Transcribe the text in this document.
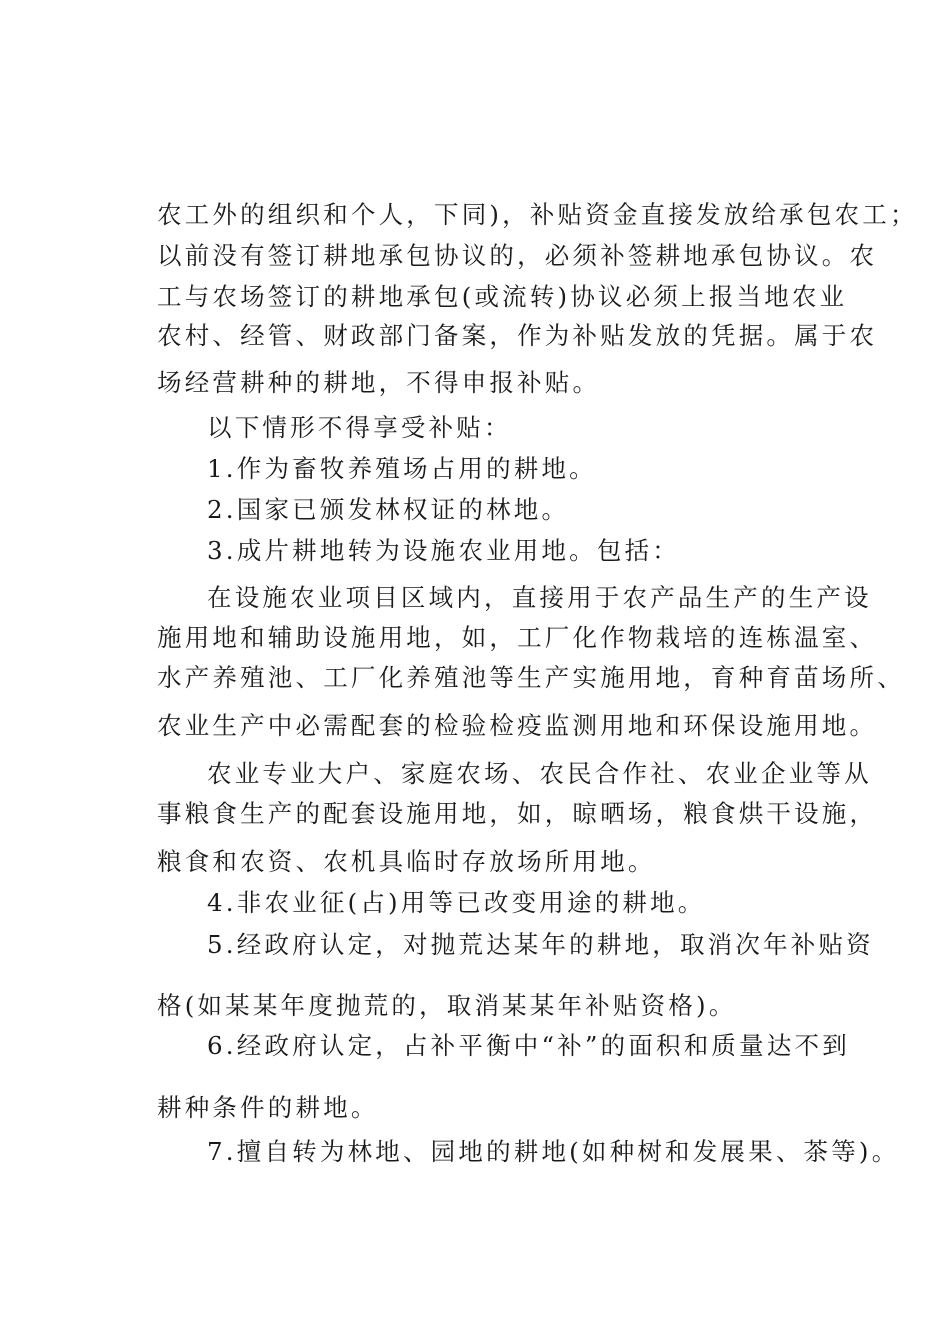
农工外的组织和个人，下同)，补贴资金直接发放给承包农工；
以前没有签订耕地承包协议的，必须补签耕地承包协议。农
工与农场签订的耕地承包(或流转)协议必须上报当地农业
农村、经管、财政部门备案，作为补贴发放的凭据。属于农
场经营耕种的耕地，不得申报补贴。
以下情形不得享受补贴：
1.作为畜牧养殖场占用的耕地。
2.国家已颁发林权证的林地。
3.成片耕地转为设施农业用地。包括：
在设施农业项目区域内，直接用于农产品生产的生产设
施用地和辅助设施用地，如，工厂化作物栽培的连栋温室、
水产养殖池、工厂化养殖池等生产实施用地，育种育苗场所、
农业生产中必需配套的检验检疫监测用地和环保设施用地。
农业专业大户、家庭农场、农民合作社、农业企业等从
事粮食生产的配套设施用地，如，晾晒场，粮食烘干设施，
粮食和农资、农机具临时存放场所用地。
4.非农业征(占)用等已改变用途的耕地。
5.经政府认定，对抛荒达某年的耕地，取消次年补贴资
格(如某某年度抛荒的，取消某某年补贴资格)。
6.经政府认定，占补平衡中“补”的面积和质量达不到
耕种条件的耕地。
7.擅自转为林地、园地的耕地(如种树和发展果、茶等)。
